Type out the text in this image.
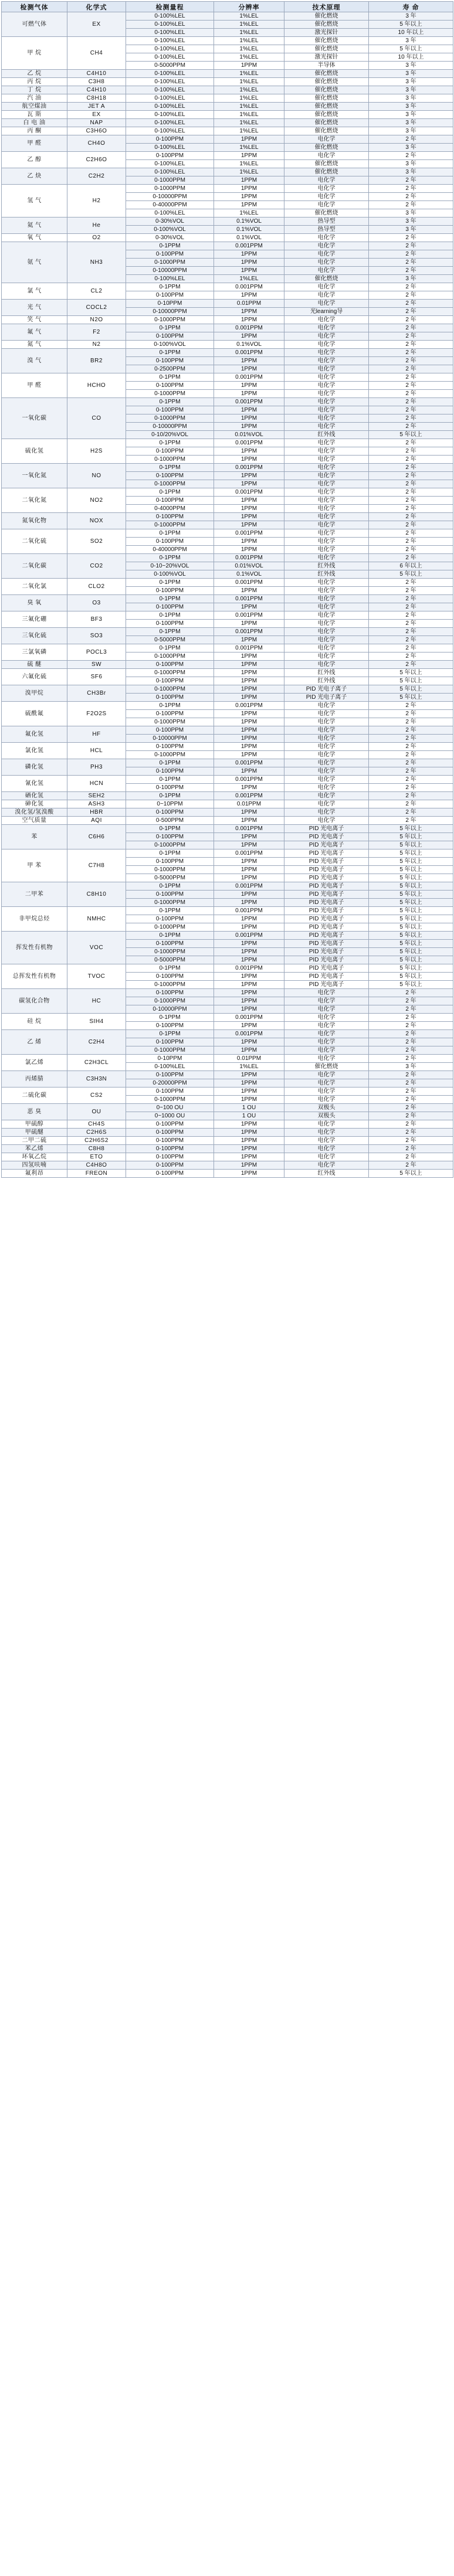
检测气体	化学式	检测量程	分辨率	技术原理	寿 命
可燃气体	EX	0-100%LEL	1%LEL	催化燃烧	3 年
		0-100%LEL	1%LEL	催化燃烧	5 年以上
		0-100%LEL	1%LEL	激光探针	10 年以上
甲 烷	CH4	0-100%LEL	1%LEL	催化燃烧	3 年
		0-100%LEL	1%LEL	催化燃烧	5 年以上
		0-100%LEL	1%LEL	激光探针	10 年以上
		0-5000PPM	1PPM	半导体	3 年
乙 烷	C4H10	0-100%LEL	1%LEL	催化燃烧	3 年
丙 烷	C3H8	0-100%LEL	1%LEL	催化燃烧	3 年
丁 烷	C4H10	0-100%LEL	1%LEL	催化燃烧	3 年
汽 油	C8H18	0-100%LEL	1%LEL	催化燃烧	3 年
航空煤油	JET A	0-100%LEL	1%LEL	催化燃烧	3 年
瓦 斯	EX	0-100%LEL	1%LEL	催化燃烧	3 年
白 电 油	NAP	0-100%LEL	1%LEL	催化燃烧	3 年
丙 酮	C3H6O	0-100%LEL	1%LEL	催化燃烧	3 年
甲 醛	CH4O	0-100PPM	1PPM	电化学	2 年
		0-100%LEL	1%LEL	催化燃烧	3 年
乙 醇	C2H6O	0-100PPM	1PPM	电化学	2 年
		0-100%LEL	1%LEL	催化燃烧	3 年
乙 炔	C2H2	0-100%LEL	1%LEL	催化燃烧	3 年
		0-1000PPM	1PPM	电化学	2 年
氢 气	H2	0-1000PPM	1PPM	电化学	2 年
		0-10000PPM	1PPM	电化学	2 年
		0-40000PPM	1PPM	电化学	2 年
		0-100%LEL	1%LEL	催化燃烧	3 年
氦 气	He	0-30%VOL	0.1%VOL	热导型	3 年
		0-100%VOL	0.1%VOL	热导型	3 年
氧 气	O2	0-30%VOL	0.1%VOL	电化学	2 年
氨 气	NH3	0-1PPM	0.001PPM	电化学	2 年
		0-100PPM	1PPM	电化学	2 年
		0-1000PPM	1PPM	电化学	2 年
		0-10000PPM	1PPM	电化学	2 年
		0-100%LEL	1%LEL	催化燃烧	3 年
氯 气	CL2	0-1PPM	0.001PPM	电化学	2 年
		0-100PPM	1PPM	电化学	2 年
光 气	COCL2	0-10PPM	0.01PPM	电化学	2 年
		0-10000PPM	1PPM	光learning导	2 年
笑 气	N2O	0-1000PPM	1PPM	电化学	2 年
氟 气	F2	0-1PPM	0.001PPM	电化学	2 年
		0-100PPM	1PPM	电化学	2 年
氮 气	N2	0-100%VOL	0.1%VOL	电化学	2 年
溴 气	BR2	0-1PPM	0.001PPM	电化学	2 年
		0-100PPM	1PPM	电化学	2 年
		0-2500PPM	1PPM	电化学	2 年
甲 醛	HCHO	0-1PPM	0.001PPM	电化学	2 年
		0-100PPM	1PPM	电化学	2 年
		0-1000PPM	1PPM	电化学	2 年
一氧化碳	CO	0-1PPM	0.001PPM	电化学	2 年
		0-100PPM	1PPM	电化学	2 年
		0-1000PPM	1PPM	电化学	2 年
		0-10000PPM	1PPM	电化学	2 年
		0-10/20%VOL	0.01%VOL	红外线	5 年以上
硫化氢	H2S	0-1PPM	0.001PPM	电化学	2 年
		0-100PPM	1PPM	电化学	2 年
		0-1000PPM	1PPM	电化学	2 年
一氧化氮	NO	0-1PPM	0.001PPM	电化学	2 年
		0-100PPM	1PPM	电化学	2 年
		0-1000PPM	1PPM	电化学	2 年
二氧化氮	NO2	0-1PPM	0.001PPM	电化学	2 年
		0-100PPM	1PPM	电化学	2 年
		0-4000PPM	1PPM	电化学	2 年
氮氧化物	NOX	0-100PPM	1PPM	电化学	2 年
		0-1000PPM	1PPM	电化学	2 年
二氧化硫	SO2	0-1PPM	0.001PPM	电化学	2 年
		0-100PPM	1PPM	电化学	2 年
		0-40000PPM	1PPM	电化学	2 年
二氧化碳	CO2	0-1PPM	0.001PPM	电化学	2 年
		0-10~20%VOL	0.01%VOL	红外线	6 年以上
		0-100%VOL	0.1%VOL	红外线	5 年以上
二氧化氯	CLO2	0-1PPM	0.001PPM	电化学	2 年
		0-100PPM	1PPM	电化学	2 年
臭 氧	O3	0-1PPM	0.001PPM	电化学	2 年
		0-100PPM	1PPM	电化学	2 年
三氟化硼	BF3	0-1PPM	0.001PPM	电化学	2 年
		0-100PPM	1PPM	电化学	2 年
三氧化硫	SO3	0-1PPM	0.001PPM	电化学	2 年
		0-5000PPM	1PPM	电化学	2 年
三氯氧磷	POCL3	0-1PPM	0.001PPM	电化学	2 年
		0-1000PPM	1PPM	电化学	2 年
硫 醚	SW	0-100PPM	1PPM	电化学	2 年
六氟化硫	SF6	0-1000PPM	1PPM	红外线	5 年以上
		0-100PPM	1PPM	红外线	5 年以上
溴甲烷	CH3Br	0-1000PPM	1PPM	PID 光电子离子	5 年以上
		0-100PPM	1PPM	PID 光电子离子	5 年以上
硫酰氟	F2O2S	0-1PPM	0.001PPM	电化学	2 年
		0-100PPM	1PPM	电化学	2 年
		0-1000PPM	1PPM	电化学	2 年
氟化氢	HF	0-100PPM	1PPM	电化学	2 年
		0-10000PPM	1PPM	电化学	2 年
氯化氢	HCL	0-100PPM	1PPM	电化学	2 年
		0-1000PPM	1PPM	电化学	2 年
磷化氢	PH3	0-1PPM	0.001PPM	电化学	2 年
		0-100PPM	1PPM	电化学	2 年
氰化氢	HCN	0-1PPM	0.001PPM	电化学	2 年
		0-100PPM	1PPM	电化学	2 年
硒化氢	SEH2	0-1PPM	0.001PPM	电化学	2 年
砷化氢	ASH3	0~10PPM	0.01PPM	电化学	2 年
溴化氢/氢溴酸	HBR	0-100PPM	1PPM	电化学	2 年
空气质量	AQI	0-500PPM	1PPM	电化学	2 年
苯	C6H6	0-1PPM	0.001PPM	PID 光电离子	5 年以上
		0-100PPM	1PPM	PID 光电离子	5 年以上
		0-1000PPM	1PPM	PID 光电离子	5 年以上
甲 苯	C7H8	0-1PPM	0.001PPM	PID 光电离子	5 年以上
		0-100PPM	1PPM	PID 光电离子	5 年以上
		0-1000PPM	1PPM	PID 光电离子	5 年以上
		0-5000PPM	1PPM	PID 光电离子	5 年以上
二甲苯	C8H10	0-1PPM	0.001PPM	PID 光电离子	5 年以上
		0-100PPM	1PPM	PID 光电离子	5 年以上
		0-1000PPM	1PPM	PID 光电离子	5 年以上
非甲烷总烃	NMHC	0-1PPM	0.001PPM	PID 光电离子	5 年以上
		0-100PPM	1PPM	PID 光电离子	5 年以上
		0-1000PPM	1PPM	PID 光电离子	5 年以上
挥发性有机物	VOC	0-1PPM	0.001PPM	PID 光电离子	5 年以上
		0-100PPM	1PPM	PID 光电离子	5 年以上
		0-1000PPM	1PPM	PID 光电离子	5 年以上
		0-5000PPM	1PPM	PID 光电离子	5 年以上
总挥发性有机物	TVOC	0-1PPM	0.001PPM	PID 光电离子	5 年以上
		0-100PPM	1PPM	PID 光电离子	5 年以上
		0-1000PPM	1PPM	PID 光电离子	5 年以上
碳氢化合物	HC	0-100PPM	1PPM	电化学	2 年
		0-1000PPM	1PPM	电化学	2 年
		0-10000PPM	1PPM	电化学	2 年
硅 烷	SIH4	0-1PPM	0.001PPM	电化学	2 年
		0-100PPM	1PPM	电化学	2 年
乙 烯	C2H4	0-1PPM	0.001PPM	电化学	2 年
		0-100PPM	1PPM	电化学	2 年
		0-1000PPM	1PPM	电化学	2 年
氯乙烯	C2H3CL	0-10PPM	0.01PPM	电化学	2 年
		0-100%LEL	1%LEL	催化燃烧	3 年
丙烯腈	C3H3N	0-100PPM	1PPM	电化学	2 年
		0-20000PPM	1PPM	电化学	2 年
二硫化碳	CS2	0-100PPM	1PPM	电化学	2 年
		0-1000PPM	1PPM	电化学	2 年
恶 臭	OU	0~100 OU	1 OU	双极头	2 年
		0~1000 OU	1 OU	双极头	2 年
甲硫醇	CH4S	0-100PPM	1PPM	电化学	2 年
甲硫醚	C2H6S	0-100PPM	1PPM	电化学	2 年
二甲二硫	C2H6S2	0-100PPM	1PPM	电化学	2 年
苯乙烯	C8H8	0-100PPM	1PPM	电化学	2 年
环氧乙烷	ETO	0-100PPM	1PPM	电化学	2 年
四氢呋喃	C4H8O	0-100PPM	1PPM	电化学	2 年
氟利昂	FREON	0-100PPM	1PPM	红外线	5 年以上
